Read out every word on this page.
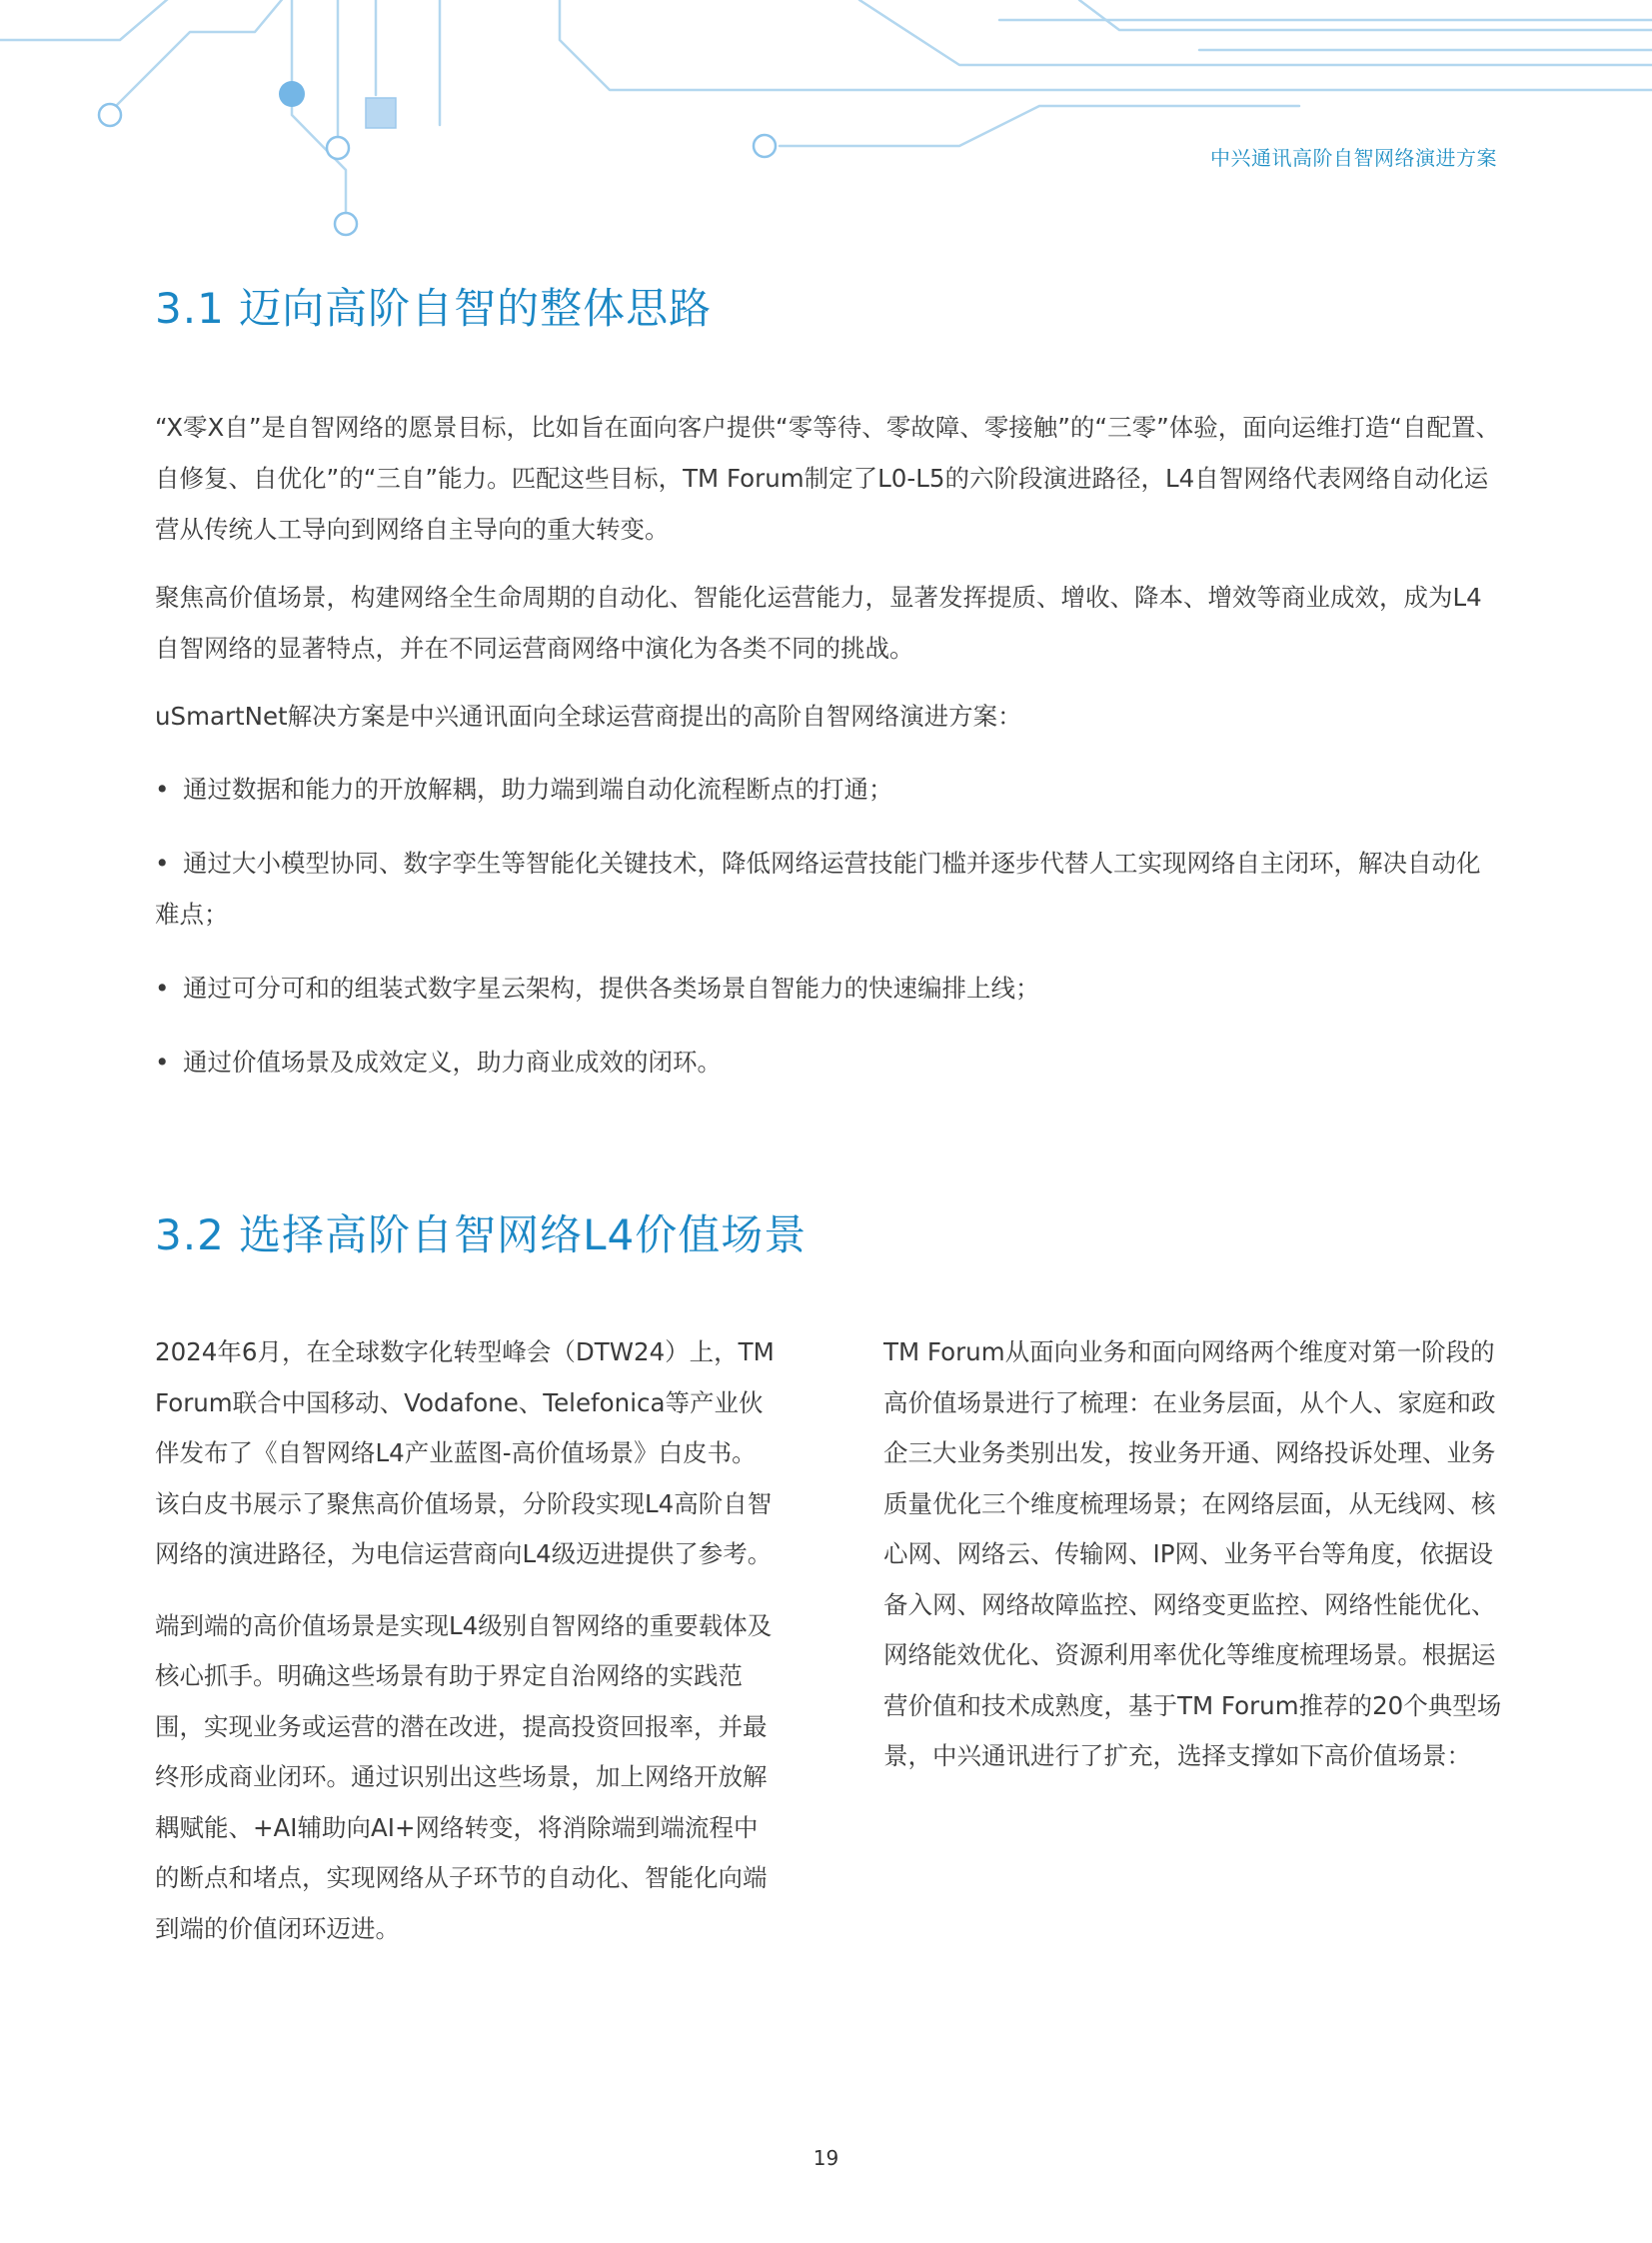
中兴通讯高阶自智网络演进方案
3.1 迈向高阶自智的整体思路

“X零X自”是自智网络的愿景目标，比如旨在面向客户提供“零等待、零故障、零接触”的“三零”体验，面向运维打造“自配置、自修复、自优化”的“三自”能力。匹配这些目标，TM Forum制定了L0-L5的六阶段演进路径，L4自智网络代表网络自动化运营从传统人工导向到网络自主导向的重大转变。

聚焦高价值场景，构建网络全生命周期的自动化、智能化运营能力，显著发挥提质、增收、降本、增效等商业成效，成为L4自智网络的显著特点，并在不同运营商网络中演化为各类不同的挑战。

uSmartNet解决方案是中兴通讯面向全球运营商提出的高阶自智网络演进方案：

• 通过数据和能力的开放解耦，助力端到端自动化流程断点的打通；
• 通过大小模型协同、数字孪生等智能化关键技术，降低网络运营技能门槛并逐步代替人工实现网络自主闭环，解决自动化难点；
• 通过可分可和的组装式数字星云架构，提供各类场景自智能力的快速编排上线；
• 通过价值场景及成效定义，助力商业成效的闭环。
3.2 选择高阶自智网络L4价值场景

2024年6月，在全球数字化转型峰会（DTW24）上，TM Forum联合中国移动、Vodafone、Telefonica等产业伙伴发布了《自智网络L4产业蓝图-高价值场景》白皮书。该白皮书展示了聚焦高价值场景，分阶段实现L4高阶自智网络的演进路径，为电信运营商向L4级迈进提供了参考。

端到端的高价值场景是实现L4级别自智网络的重要载体及核心抓手。明确这些场景有助于界定自治网络的实践范围，实现业务或运营的潜在改进，提高投资回报率，并最终形成商业闭环。通过识别出这些场景，加上网络开放解耦赋能、+AI辅助向AI+网络转变，将消除端到端流程中的断点和堵点，实现网络从子环节的自动化、智能化向端到端的价值闭环迈进。

TM Forum从面向业务和面向网络两个维度对第一阶段的高价值场景进行了梳理：在业务层面，从个人、家庭和政企三大业务类别出发，按业务开通、网络投诉处理、业务质量优化三个维度梳理场景；在网络层面，从无线网、核心网、网络云、传输网、IP网、业务平台等角度，依据设备入网、网络故障监控、网络变更监控、网络性能优化、网络能效优化、资源利用率优化等维度梳理场景。根据运营价值和技术成熟度，基于TM Forum推荐的20个典型场景，中兴通讯进行了扩充，选择支撑如下高价值场景：

19
